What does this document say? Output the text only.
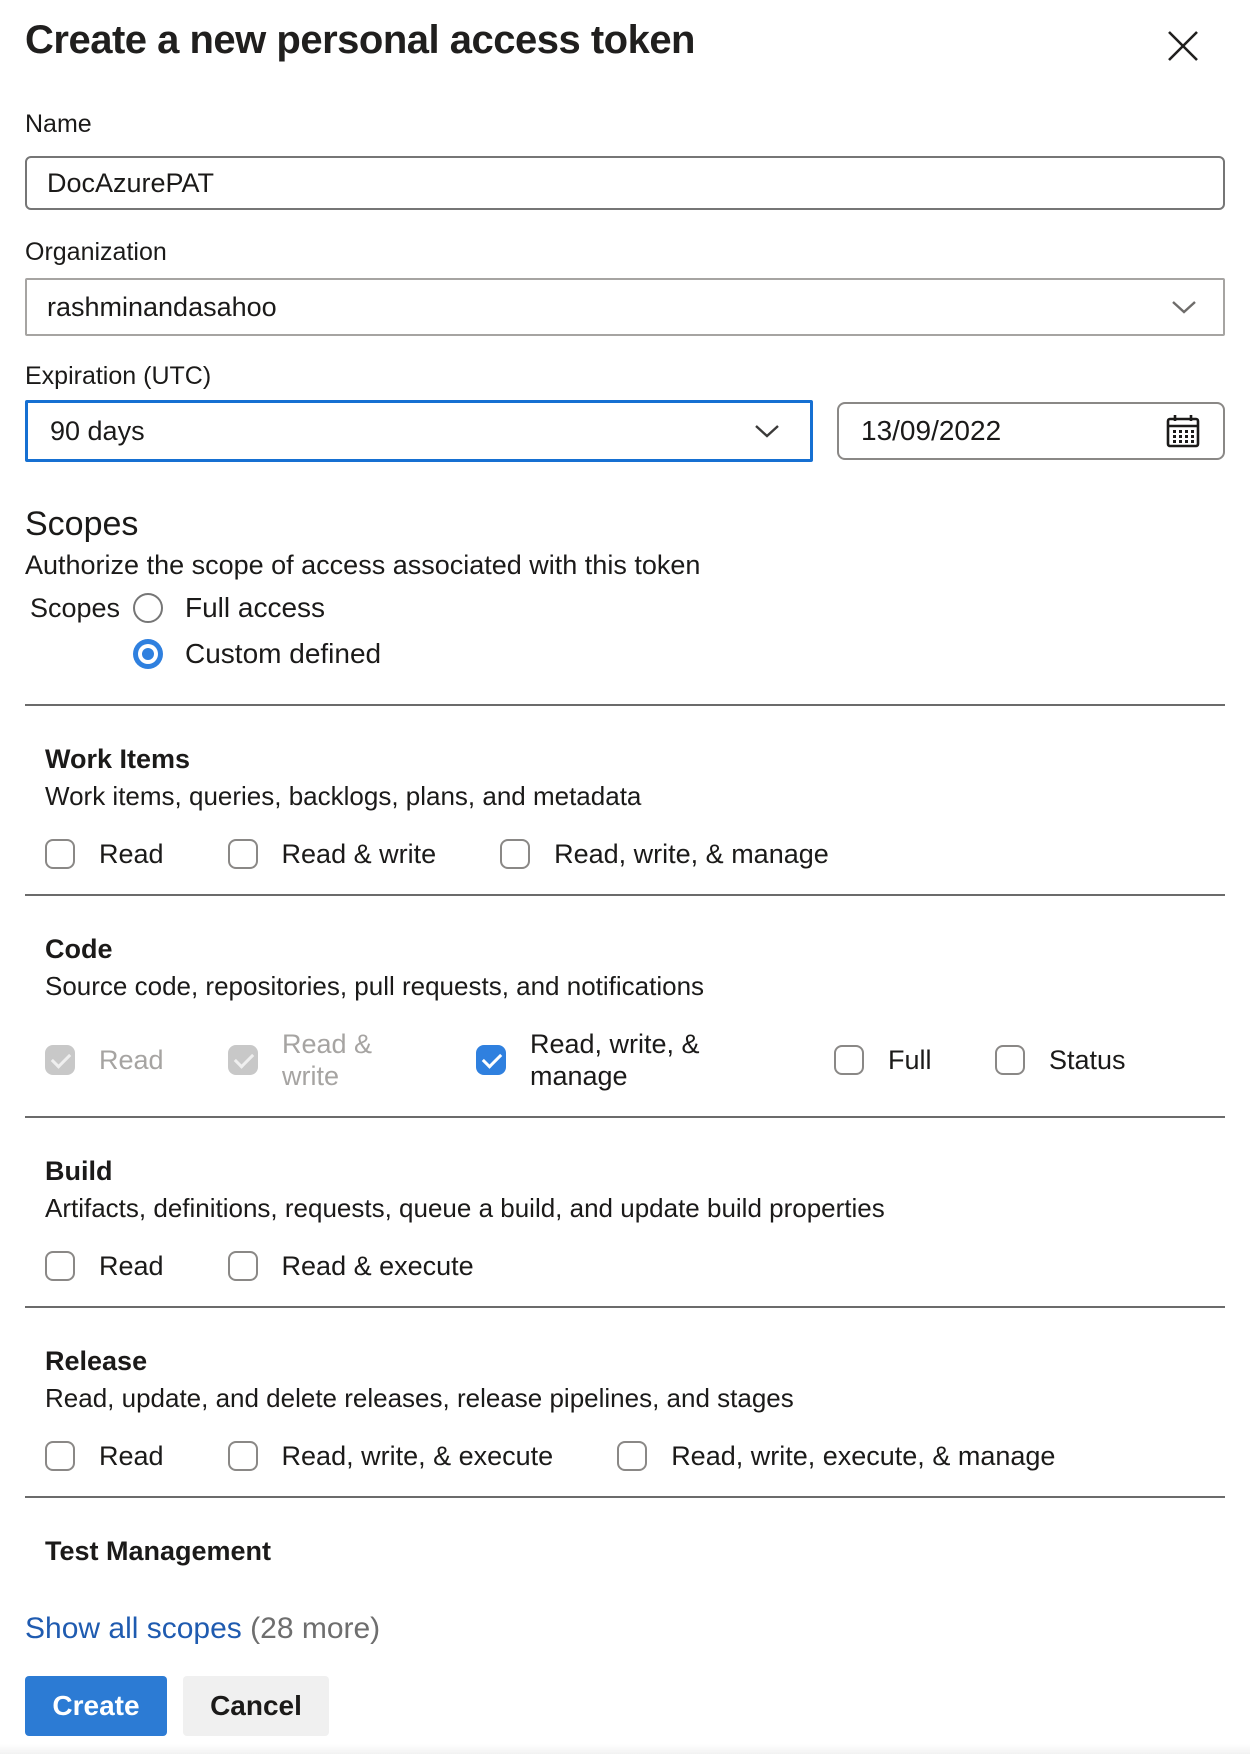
Create a new personal access token
Name
DocAzurePAT
Organization
rashminandasahoo
Expiration (UTC)
90 days	13/09/2022
Scopes
Authorize the scope of access associated with this token
Scopes	Full access
Custom defined
Work Items
Work items, queries, backlogs, plans, and metadata
Read	Read & write	Read, write, & manage
Code
Source code, repositories, pull requests, and notifications
Read
Read & write
Read, write, & manage
Full	Status
Build
Artifacts, definitions, requests, queue a build, and update build properties
Read	Read & execute
Release
Read, update, and delete releases, release pipelines, and stages
Read	Read, write, & execute	Read, write, execute, & manage
Test Management
Show all scopes (28 more)
Create	Cancel
